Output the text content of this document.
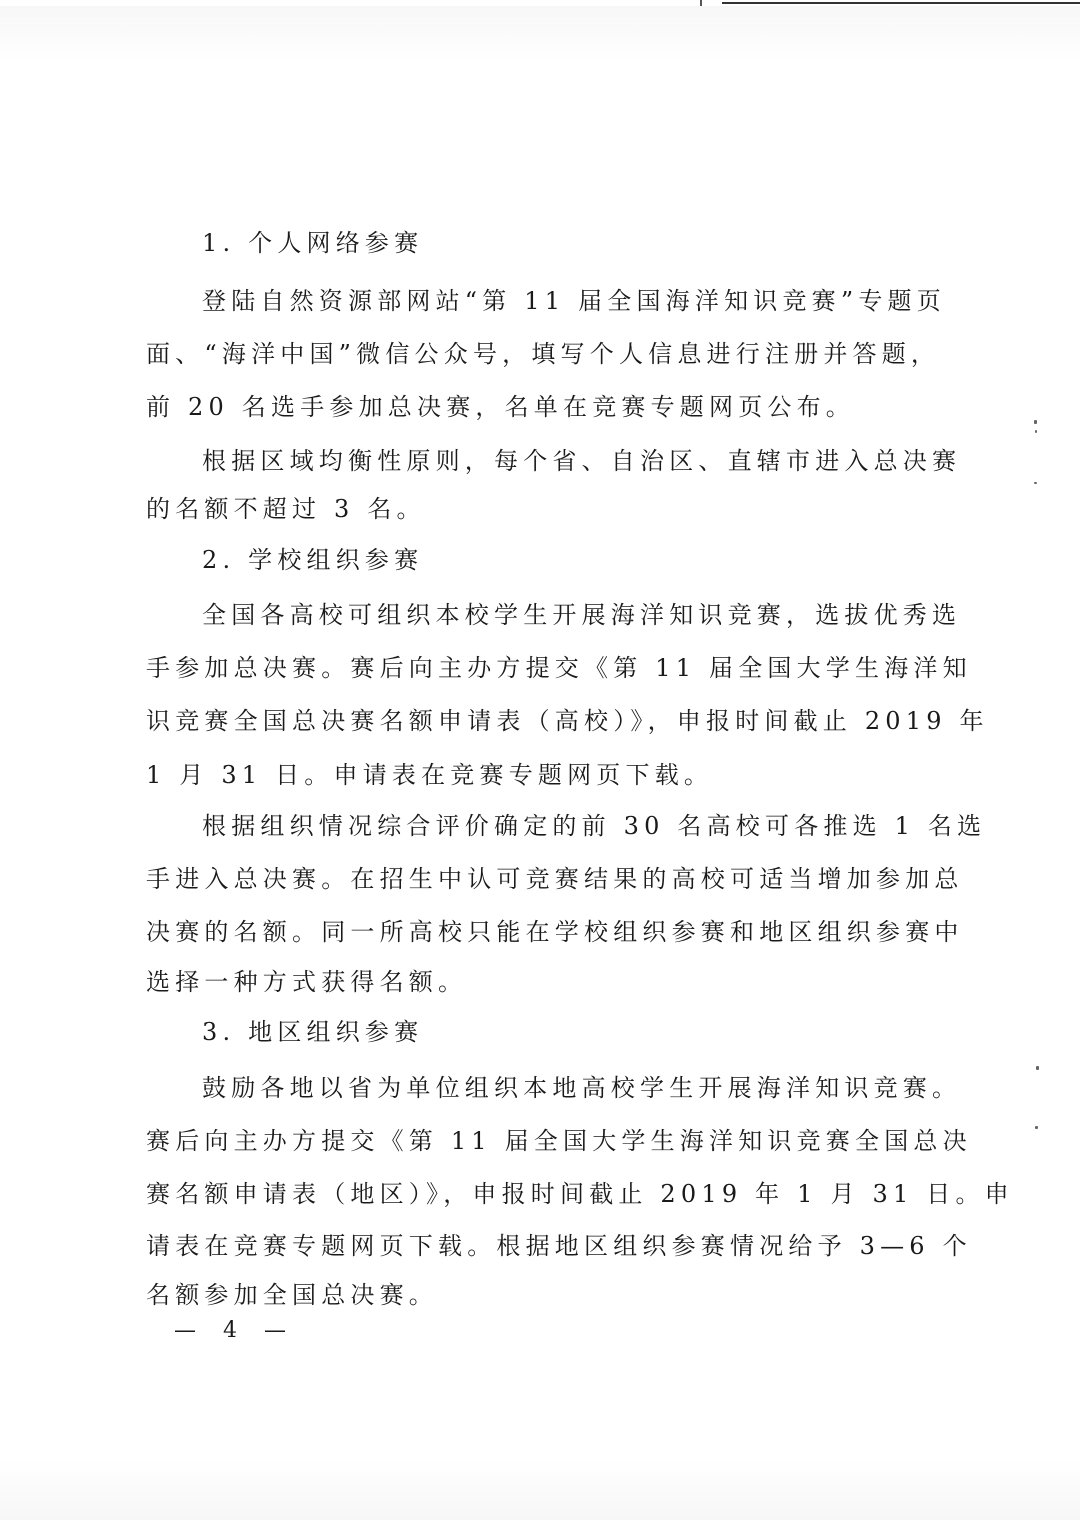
1. 个人网络参赛
登陆自然资源部网站“第 11 届全国海洋知识竞赛”专题页
面、“海洋中国”微信公众号，填写个人信息进行注册并答题，
前 20 名选手参加总决赛，名单在竞赛专题网页公布。
根据区域均衡性原则，每个省、自治区、直辖市进入总决赛
的名额不超过 3 名。
2. 学校组织参赛
全国各高校可组织本校学生开展海洋知识竞赛，选拔优秀选
手参加总决赛。赛后向主办方提交《第 11 届全国大学生海洋知
识竞赛全国总决赛名额申请表（高校）》，申报时间截止 2019 年
1 月 31 日。申请表在竞赛专题网页下载。
根据组织情况综合评价确定的前 30 名高校可各推选 1 名选
手进入总决赛。在招生中认可竞赛结果的高校可适当增加参加总
决赛的名额。同一所高校只能在学校组织参赛和地区组织参赛中
选择一种方式获得名额。
3. 地区组织参赛
鼓励各地以省为单位组织本地高校学生开展海洋知识竞赛。
赛后向主办方提交《第 11 届全国大学生海洋知识竞赛全国总决
赛名额申请表（地区）》，申报时间截止 2019 年 1 月 31 日。申
请表在竞赛专题网页下载。根据地区组织参赛情况给予 3—6 个
名额参加全国总决赛。
— 4 —
